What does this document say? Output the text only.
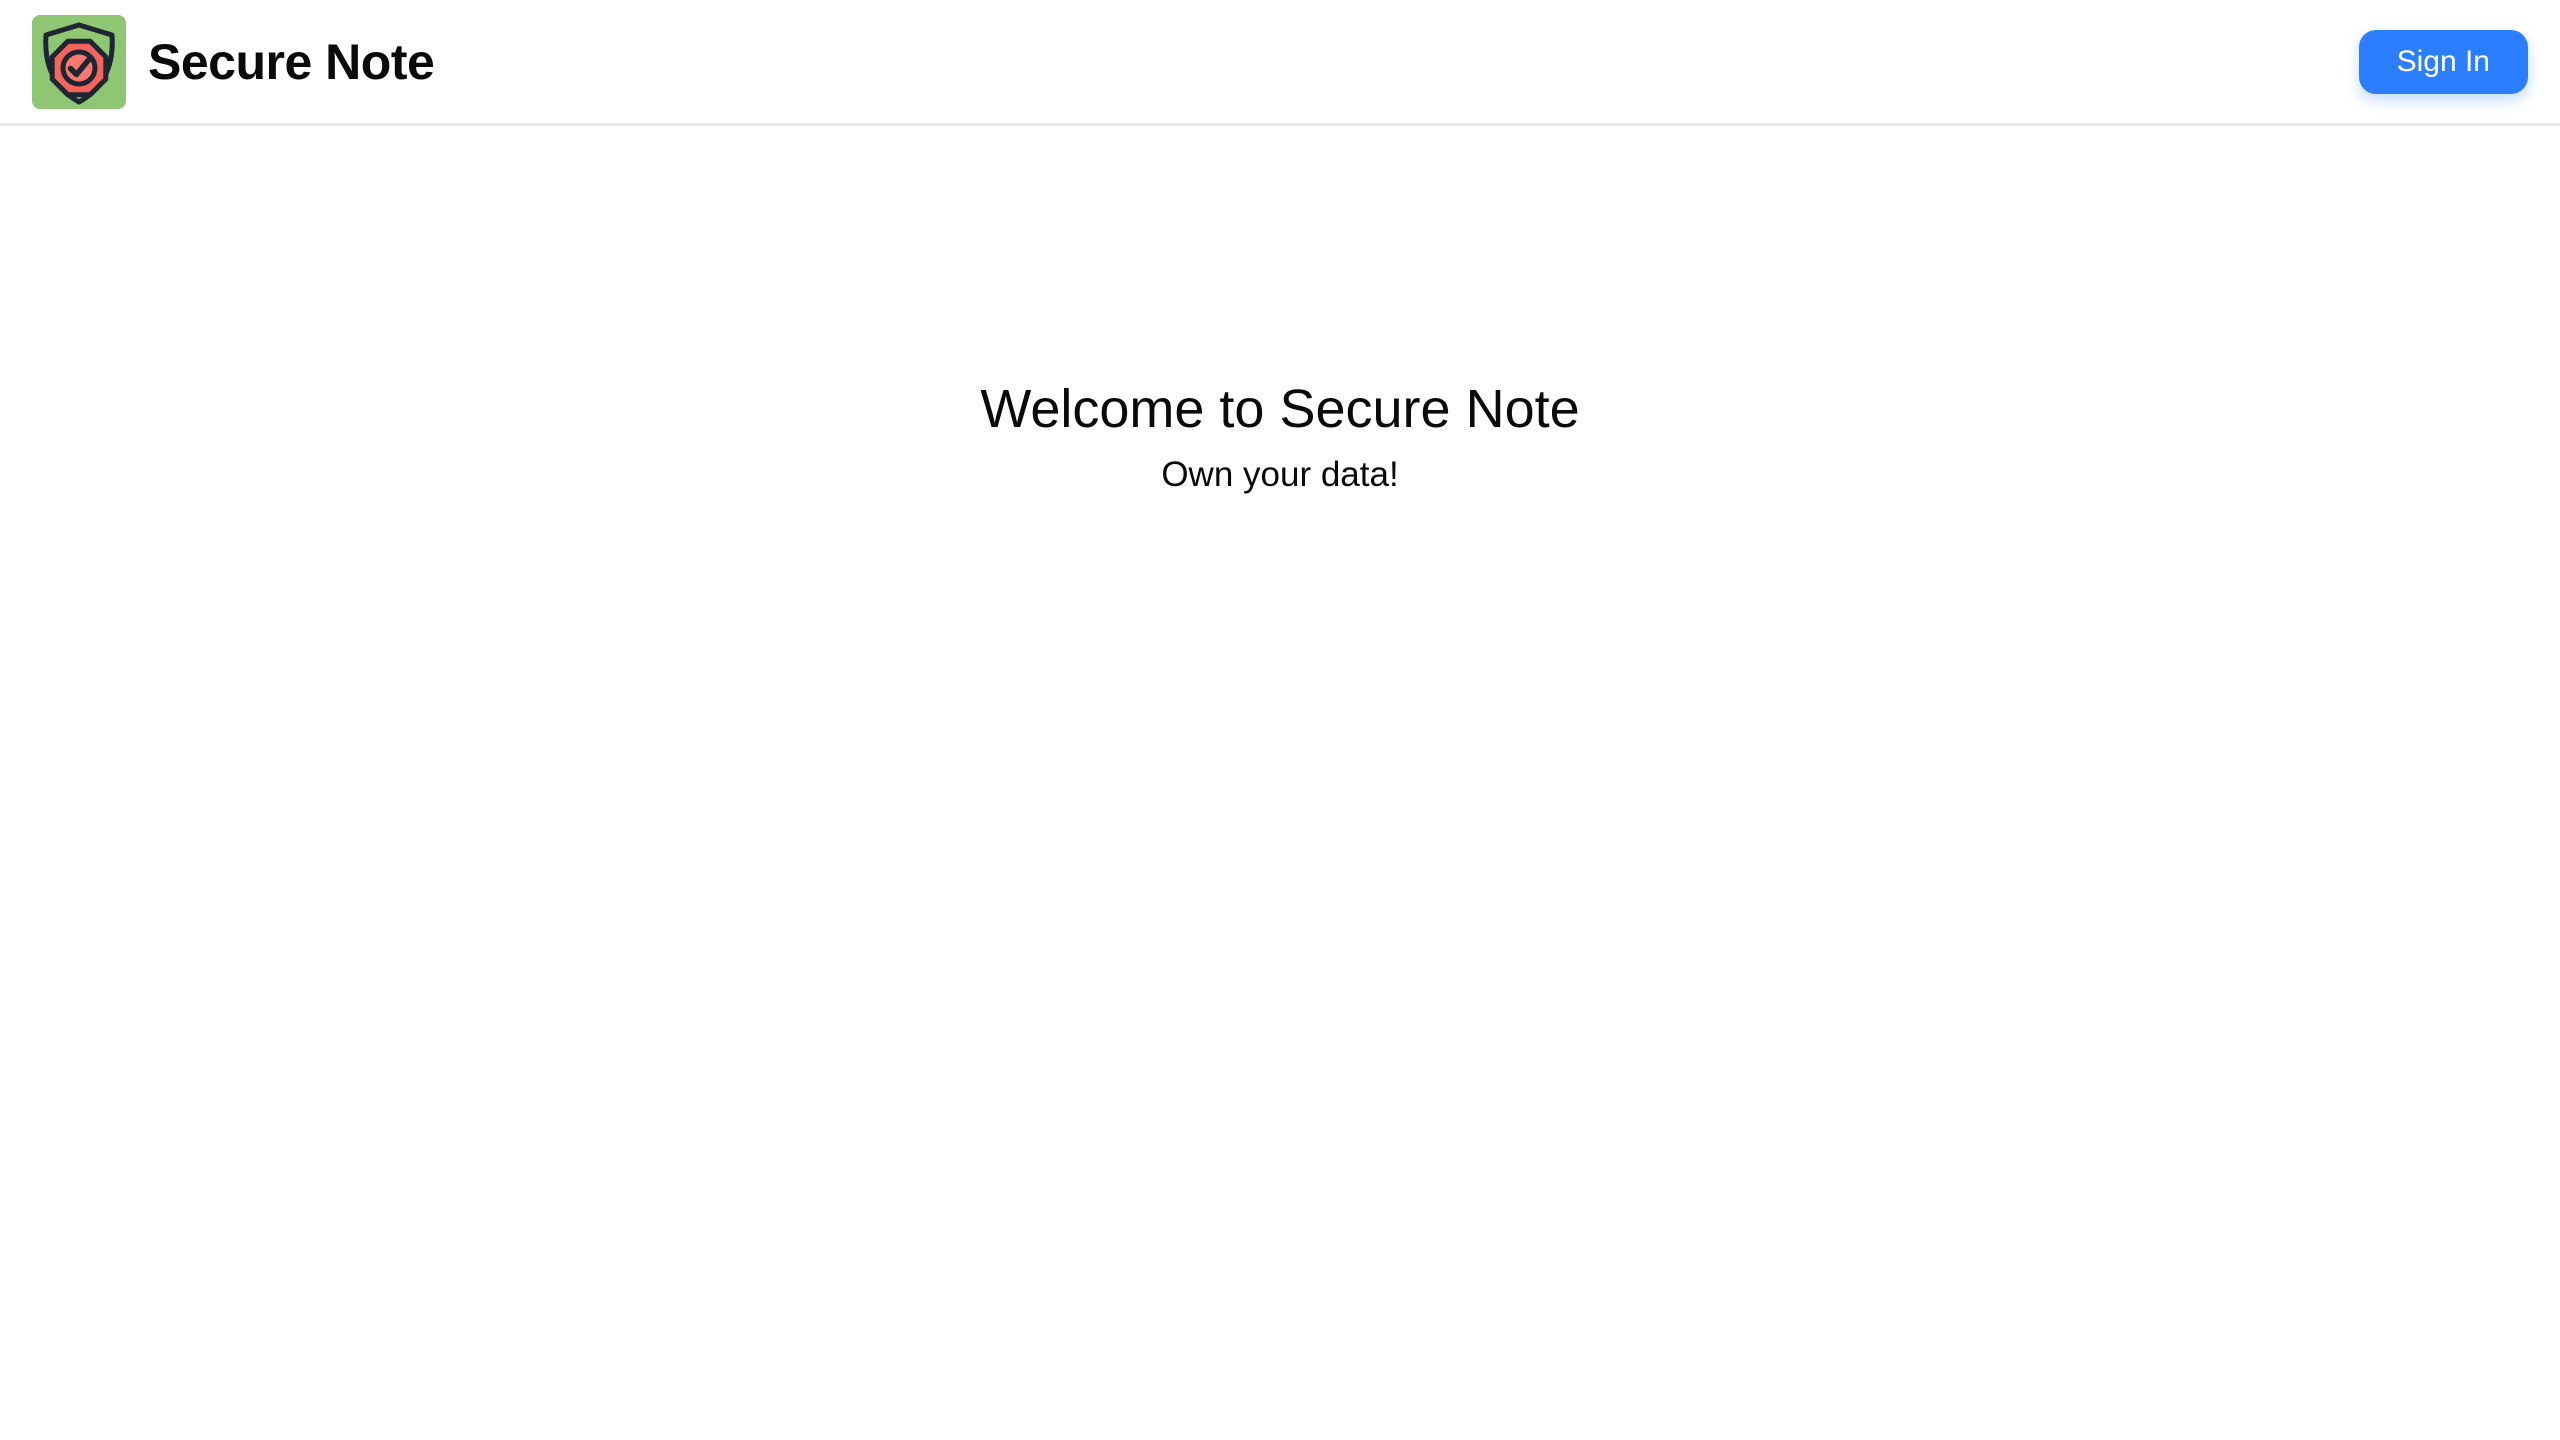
Secure Note	Sign In
Welcome to Secure Note

Own your data!
